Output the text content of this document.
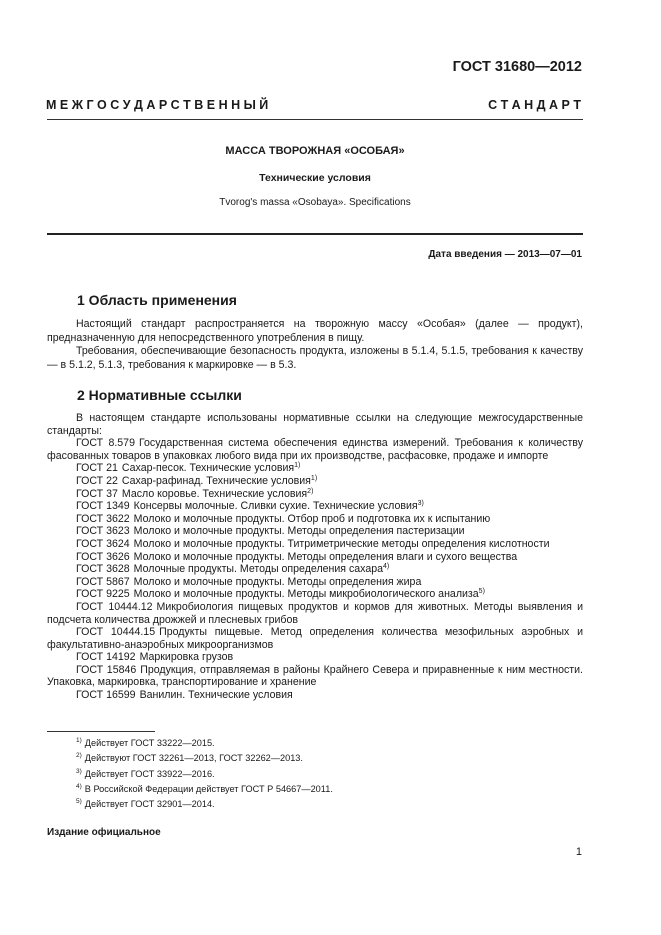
ГОСТ 31680—2012
М Е Ж Г О С У Д А Р С Т В Е Н Н Ы Й	С Т А Н Д А Р Т
МАССА ТВОРОЖНАЯ «ОСОБАЯ»
Технические условия
Tvorog's massa «Osobaya». Specifications
Дата введения — 2013—07—01
1 Область применения

Настоящий стандарт распространяется на творожную массу «Особая» (далее — продукт), предназначенную для непосредственного употребления в пищу.

Требования, обеспечивающие безопасность продукта, изложены в 5.1.4, 5.1.5, требования к качеству — в 5.1.2, 5.1.3, требования к маркировке — в 5.3.

2 Нормативные ссылки

В настоящем стандарте использованы нормативные ссылки на следующие межгосударственные стандарты:

ГОСТ 8.579 Государственная система обеспечения единства измерений. Требования к количеству фасованных товаров в упаковках любого вида при их производстве, расфасовке, продаже и импорте

ГОСТ 21 Сахар-песок. Технические условия$^{1)}$

ГОСТ 22 Сахар-рафинад. Технические условия$^{1)}$

ГОСТ 37 Масло коровье. Технические условия$^{2)}$

ГОСТ 1349 Консервы молочные. Сливки сухие. Технические условия$^{3)}$

ГОСТ 3622 Молоко и молочные продукты. Отбор проб и подготовка их к испытанию

ГОСТ 3623 Молоко и молочные продукты. Методы определения пастеризации

ГОСТ 3624 Молоко и молочные продукты. Титриметрические методы определения кислотности

ГОСТ 3626 Молоко и молочные продукты. Методы определения влаги и сухого вещества

ГОСТ 3628 Молочные продукты. Методы определения сахара$^{4)}$

ГОСТ 5867 Молоко и молочные продукты. Методы определения жира

ГОСТ 9225 Молоко и молочные продукты. Методы микробиологического анализа$^{5)}$

ГОСТ 10444.12 Микробиология пищевых продуктов и кормов для животных. Методы выявления и подсчета количества дрожжей и плесневых грибов

ГОСТ 10444.15 Продукты пищевые. Метод определения количества мезофильных аэробных и факультативно-анаэробных микроорганизмов

ГОСТ 14192 Маркировка грузов

ГОСТ 15846 Продукция, отправляемая в районы Крайнего Севера и приравненные к ним местности. Упаковка, маркировка, транспортирование и хранение

ГОСТ 16599 Ванилин. Технические условия

$^{1)}$ Действует ГОСТ 33222—2015.
$^{2)}$ Действуют ГОСТ 32261—2013, ГОСТ 32262—2013.
$^{3)}$ Действует ГОСТ 33922—2016.
$^{4)}$ В Российской Федерации действует ГОСТ Р 54667—2011.
$^{5)}$ Действует ГОСТ 32901—2014.
Издание официальное
1
